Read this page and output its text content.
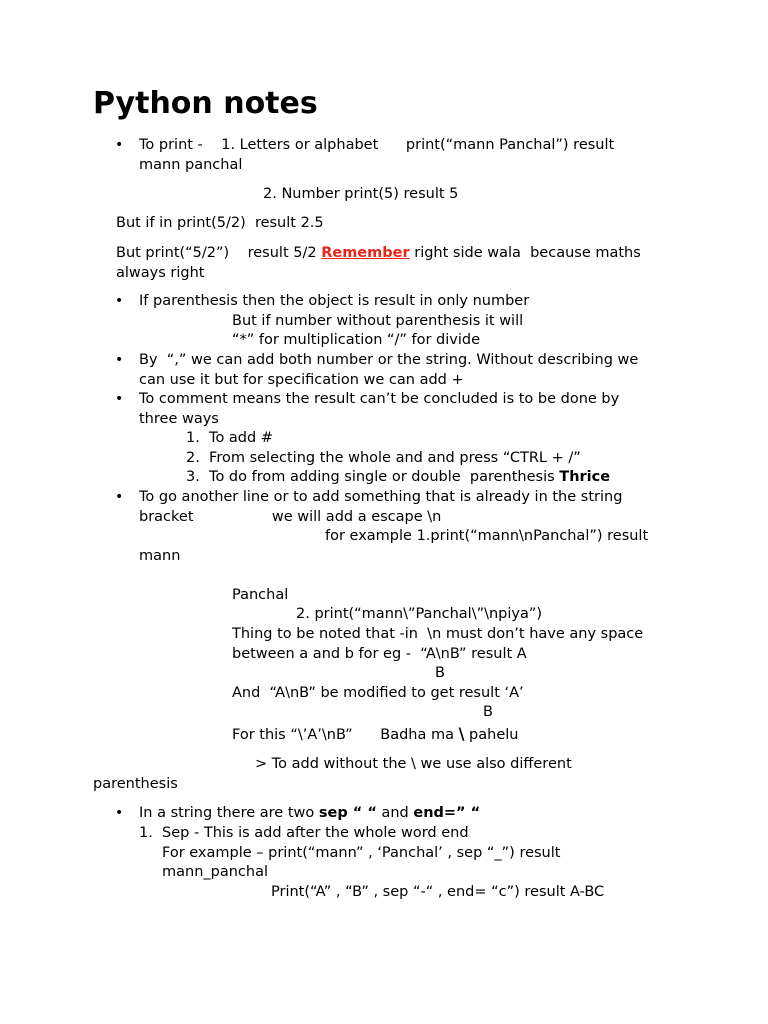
Python notes
• To print -    1. Letters or alphabet      print(“mann Panchal”) result
mann panchal
2. Number print(5) result 5
But if in print(5/2)  result 2.5
But print(“5/2”)    result 5/2 Remember right side wala  because maths
always right
• If parenthesis then the object is result in only number
But if number without parenthesis it will
“*” for multiplication “/” for divide
• By  “,” we can add both number or the string. Without describing we
can use it but for specification we can add +
• To comment means the result can’t be concluded is to be done by
three ways
1.  To add #
2.  From selecting the whole and and press “CTRL + /”
3.  To do from adding single or double  parenthesis Thrice
• To go another line or to add something that is already in the string
bracket                 we will add a escape \n
for example 1.print(“mann\nPanchal”) result
mann
Panchal
2. print(“mann\”Panchal\”\npiya”)
Thing to be noted that -in  \n must don’t have any space
between a and b for eg -  “A\nB” result A
B
And  “A\nB” be modified to get result ‘A’
B
For this “\’A’\nB”      Badha ma \ pahelu
> To add without the \ we use also different
parenthesis
• In a string there are two sep “ “ and end=” “
1.  Sep - This is add after the whole word end
For example – print(“mann” , ‘Panchal’ , sep “_”) result
mann_panchal
Print(“A” , “B” , sep “-“ , end= “c”) result A-BC
